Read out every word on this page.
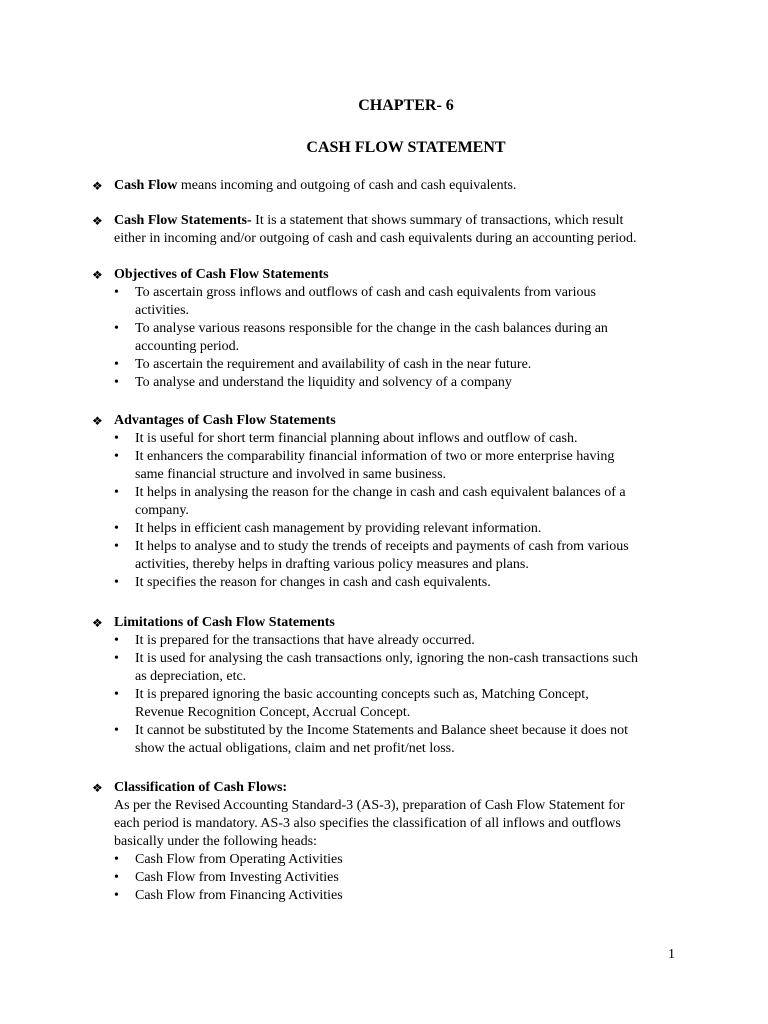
CHAPTER- 6
CASH FLOW STATEMENT
❖ Cash Flow means incoming and outgoing of cash and cash equivalents.
❖ Cash Flow Statements- It is a statement that shows summary of transactions, which result
either in incoming and/or outgoing of cash and cash equivalents during an accounting period.
❖ Objectives of Cash Flow Statements
• To ascertain gross inflows and outflows of cash and cash equivalents from various
activities.
• To analyse various reasons responsible for the change in the cash balances during an
accounting period.
• To ascertain the requirement and availability of cash in the near future.
• To analyse and understand the liquidity and solvency of a company
❖ Advantages of Cash Flow Statements
• It is useful for short term financial planning about inflows and outflow of cash.
• It enhancers the comparability financial information of two or more enterprise having
same financial structure and involved in same business.
• It helps in analysing the reason for the change in cash and cash equivalent balances of a
company.
• It helps in efficient cash management by providing relevant information.
• It helps to analyse and to study the trends of receipts and payments of cash from various
activities, thereby helps in drafting various policy measures and plans.
• It specifies the reason for changes in cash and cash equivalents.
❖ Limitations of Cash Flow Statements
• It is prepared for the transactions that have already occurred.
• It is used for analysing the cash transactions only, ignoring the non-cash transactions such
as depreciation, etc.
• It is prepared ignoring the basic accounting concepts such as, Matching Concept,
Revenue Recognition Concept, Accrual Concept.
• It cannot be substituted by the Income Statements and Balance sheet because it does not
show the actual obligations, claim and net profit/net loss.
❖ Classification of Cash Flows:
As per the Revised Accounting Standard-3 (AS-3), preparation of Cash Flow Statement for
each period is mandatory. AS-3 also specifies the classification of all inflows and outflows
basically under the following heads:
• Cash Flow from Operating Activities
• Cash Flow from Investing Activities
• Cash Flow from Financing Activities
1
